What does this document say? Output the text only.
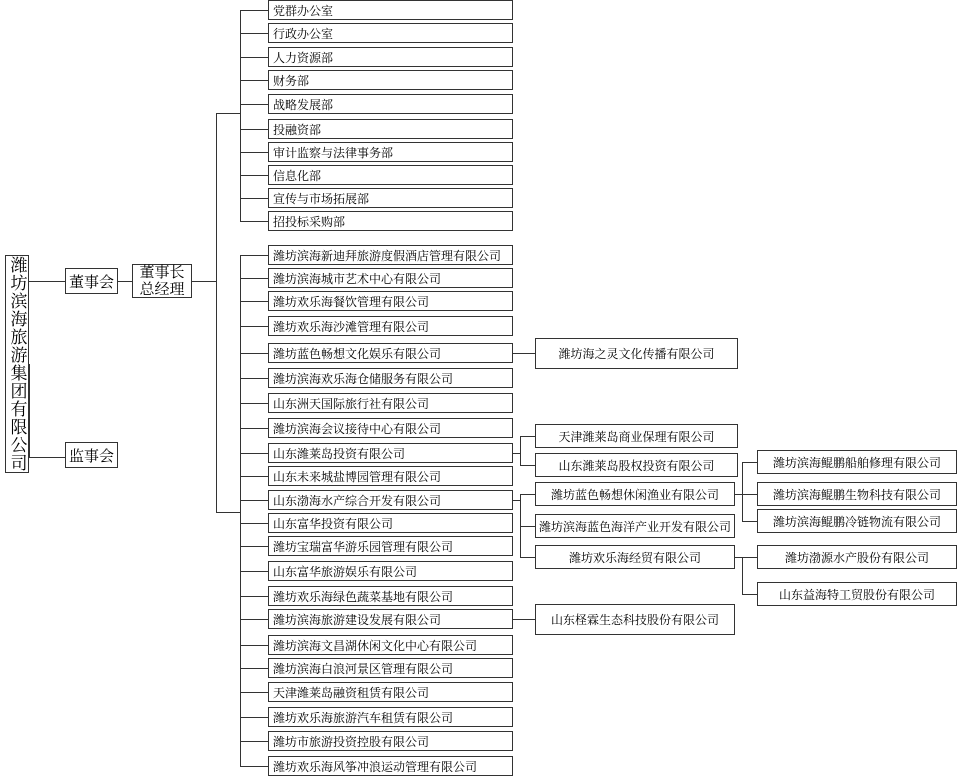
潍坊滨海旅游集团有限公司	董事会
监事会
董事长
总经理
党群办公室
行政办公室
人力资源部
财务部
战略发展部
投融资部
审计监察与法律事务部
信息化部
宣传与市场拓展部
招投标采购部
潍坊滨海新迪拜旅游度假酒店管理有限公司
潍坊滨海城市艺术中心有限公司
潍坊欢乐海餐饮管理有限公司
潍坊欢乐海沙滩管理有限公司
潍坊蓝色畅想文化娱乐有限公司
潍坊滨海欢乐海仓储服务有限公司
山东洲天国际旅行社有限公司
潍坊滨海会议接待中心有限公司
山东潍莱岛投资有限公司
山东未来城盐博园管理有限公司
山东渤海水产综合开发有限公司
山东富华投资有限公司
潍坊宝瑞富华游乐园管理有限公司
山东富华旅游娱乐有限公司
潍坊欢乐海绿色蔬菜基地有限公司
潍坊滨海旅游建设发展有限公司
潍坊滨海文昌湖休闲文化中心有限公司
潍坊滨海白浪河景区管理有限公司
天津潍莱岛融资租赁有限公司
潍坊欢乐海旅游汽车租赁有限公司
潍坊市旅游投资控股有限公司
潍坊欢乐海风筝冲浪运动管理有限公司
潍坊海之灵文化传播有限公司
天津潍莱岛商业保理有限公司
山东潍莱岛股权投资有限公司
潍坊蓝色畅想休闲渔业有限公司
潍坊滨海蓝色海洋产业开发有限公司
潍坊欢乐海经贸有限公司
山东柽霖生态科技股份有限公司
潍坊滨海鲲鹏船舶修理有限公司
潍坊滨海鲲鹏生物科技有限公司
潍坊滨海鲲鹏冷链物流有限公司
潍坊渤源水产股份有限公司
山东益海特工贸股份有限公司
